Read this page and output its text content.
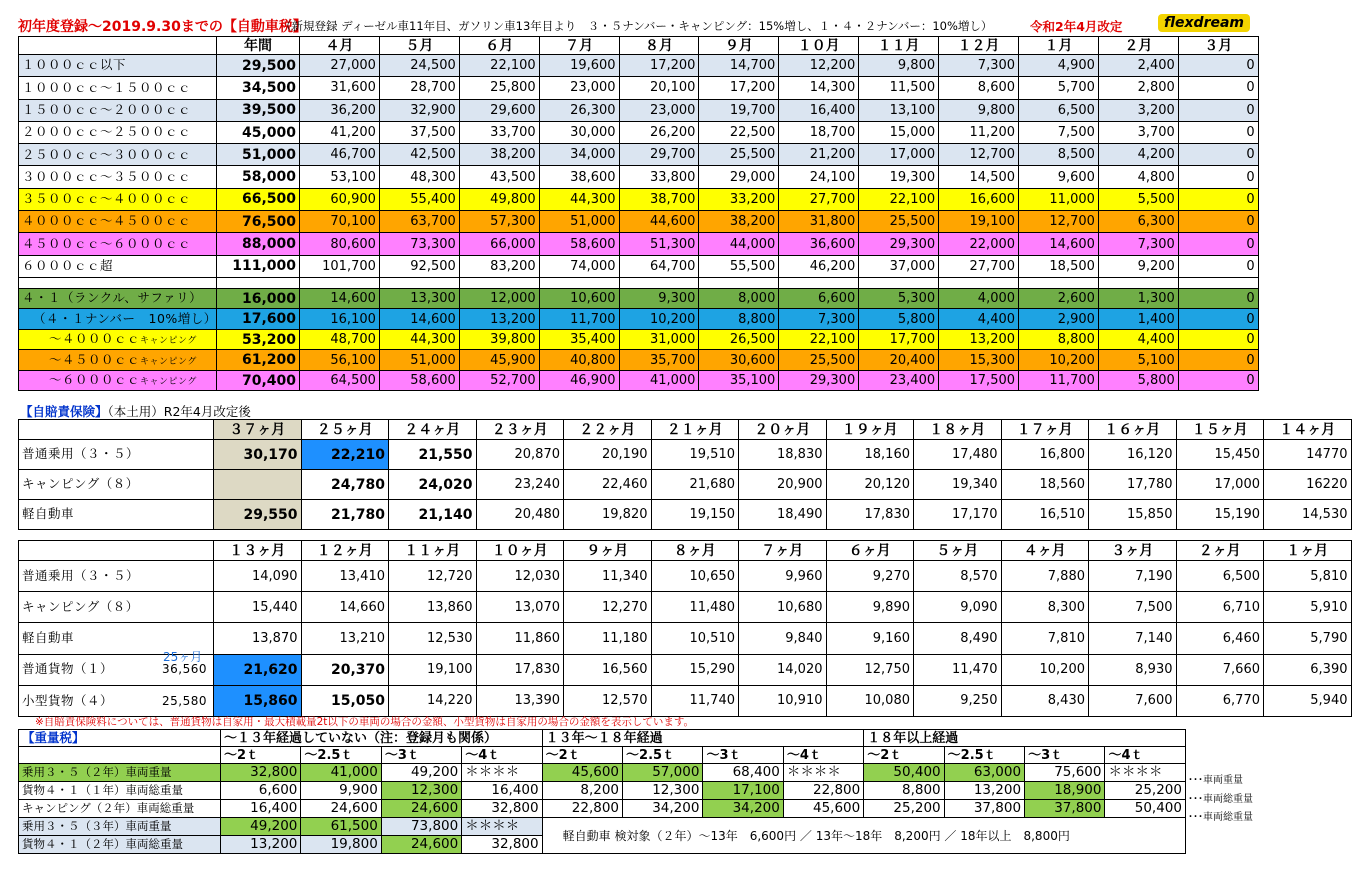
初年度登録～2019.9.30までの【自動車税】
（新規登録 ディーゼル車11年目、ガソリン車13年目より　３・５ナンバー・キャンピング：15%増し、１・４・２ナンバー：10%増し）	令和2年4月改定	flexdream
	年間	４月	５月	６月	７月	８月	９月	１０月	１１月	１２月	１月	２月	３月
１０００ｃｃ以下	29,500	27,000	24,500	22,100	19,600	17,200	14,700	12,200	9,800	7,300	4,900	2,400	0
１０００ｃｃ～１５００ｃｃ	34,500	31,600	28,700	25,800	23,000	20,100	17,200	14,300	11,500	8,600	5,700	2,800	0
１５００ｃｃ～２０００ｃｃ	39,500	36,200	32,900	29,600	26,300	23,000	19,700	16,400	13,100	9,800	6,500	3,200	0
２０００ｃｃ～２５００ｃｃ	45,000	41,200	37,500	33,700	30,000	26,200	22,500	18,700	15,000	11,200	7,500	3,700	0
２５００ｃｃ～３０００ｃｃ	51,000	46,700	42,500	38,200	34,000	29,700	25,500	21,200	17,000	12,700	8,500	4,200	0
３０００ｃｃ～３５００ｃｃ	58,000	53,100	48,300	43,500	38,600	33,800	29,000	24,100	19,300	14,500	9,600	4,800	0
３５００ｃｃ～４０００ｃｃ	66,500	60,900	55,400	49,800	44,300	38,700	33,200	27,700	22,100	16,600	11,000	5,500	0
４０００ｃｃ～４５００ｃｃ	76,500	70,100	63,700	57,300	51,000	44,600	38,200	31,800	25,500	19,100	12,700	6,300	0
４５００ｃｃ～６０００ｃｃ	88,000	80,600	73,300	66,000	58,600	51,300	44,000	36,600	29,300	22,000	14,600	7,300	0
６０００ｃｃ超	111,000	101,700	92,500	83,200	74,000	64,700	55,500	46,200	37,000	27,700	18,500	9,200	0

４・１（ランクル、サファリ）	16,000	14,600	13,300	12,000	10,600	9,300	8,000	6,600	5,300	4,000	2,600	1,300	0
（４・１ナンバー　10%増し）	17,600	16,100	14,600	13,200	11,700	10,200	8,800	7,300	5,800	4,400	2,900	1,400	0
～４０００ｃｃキャンピング	53,200	48,700	44,300	39,800	35,400	31,000	26,500	22,100	17,700	13,200	8,800	4,400	0
～４５００ｃｃキャンピング	61,200	56,100	51,000	45,900	40,800	35,700	30,600	25,500	20,400	15,300	10,200	5,100	0
～６０００ｃｃキャンピング	70,400	64,500	58,600	52,700	46,900	41,000	35,100	29,300	23,400	17,500	11,700	5,800	0
【自賠責保険】（本土用）R2年4月改定後
	３７ヶ月	２５ヶ月	２４ヶ月	２３ヶ月	２２ヶ月	２１ヶ月	２０ヶ月	１９ヶ月	１８ヶ月	１７ヶ月	１６ヶ月	１５ヶ月	１４ヶ月
普通乗用（３・５）	30,170	22,210	21,550	20,870	20,190	19,510	18,830	18,160	17,480	16,800	16,120	15,450	14770
キャンピング（８）		24,780	24,020	23,240	22,460	21,680	20,900	20,120	19,340	18,560	17,780	17,000	16220
軽自動車	29,550	21,780	21,140	20,480	19,820	19,150	18,490	17,830	17,170	16,510	15,850	15,190	14,530
	１３ヶ月	１２ヶ月	１１ヶ月	１０ヶ月	９ヶ月	８ヶ月	７ヶ月	６ヶ月	５ヶ月	４ヶ月	３ヶ月	２ヶ月	１ヶ月
普通乗用（３・５）	14,090	13,410	12,720	12,030	11,340	10,650	9,960	9,270	8,570	7,880	7,190	6,500	5,810
キャンピング（８）	15,440	14,660	13,860	13,070	12,270	11,480	10,680	9,890	9,090	8,300	7,500	6,710	5,910
軽自動車	13,870	13,210	12,530	11,860	11,180	10,510	9,840	9,160	8,490	7,810	7,140	6,460	5,790
普通貨物（１） 36,560	21,620	20,370	19,100	17,830	16,560	15,290	14,020	12,750	11,470	10,200	8,930	7,660	6,390
小型貨物（４） 25,580	15,860	15,050	14,220	13,390	12,570	11,740	10,910	10,080	9,250	8,430	7,600	6,770	5,940
25ヶ月
※自賠責保険料については、普通貨物は自家用・最大積載量2t以下の車両の場合の金額、小型貨物は自家用の場合の金額を表示しています。
【重量税】	～１３年経過していない（注：登録月も関係）				１３年～１８年経過				１８年以上経過			
	～2ｔ	～2.5ｔ	～3ｔ	～4ｔ	～2ｔ	～2.5ｔ	～3ｔ	～4ｔ	～2ｔ	～2.5ｔ	～3ｔ	～4ｔ
乗用３・５（２年）車両重量	32,800	41,000	49,200	＊＊＊＊	45,600	57,000	68,400	＊＊＊＊	50,400	63,000	75,600	＊＊＊＊
貨物４・１（１年）車両総重量	6,600	9,900	12,300	16,400	8,200	12,300	17,100	22,800	8,800	13,200	18,900	25,200
キャンピング（２年）車両総重量	16,400	24,600	24,600	32,800	22,800	34,200	34,200	45,600	25,200	37,800	37,800	50,400
乗用３・５（３年）車両重量	49,200	61,500	73,800	＊＊＊＊	軽自動車 検対象（２年）～13年　6,600円 ／ 13年～18年　8,200円 ／ 18年以上　8,800円							
貨物４・１（２年）車両総重量	13,200	19,800	24,600	32,800								
･･･車両重量
･･･車両総重量
･･･車両総重量
